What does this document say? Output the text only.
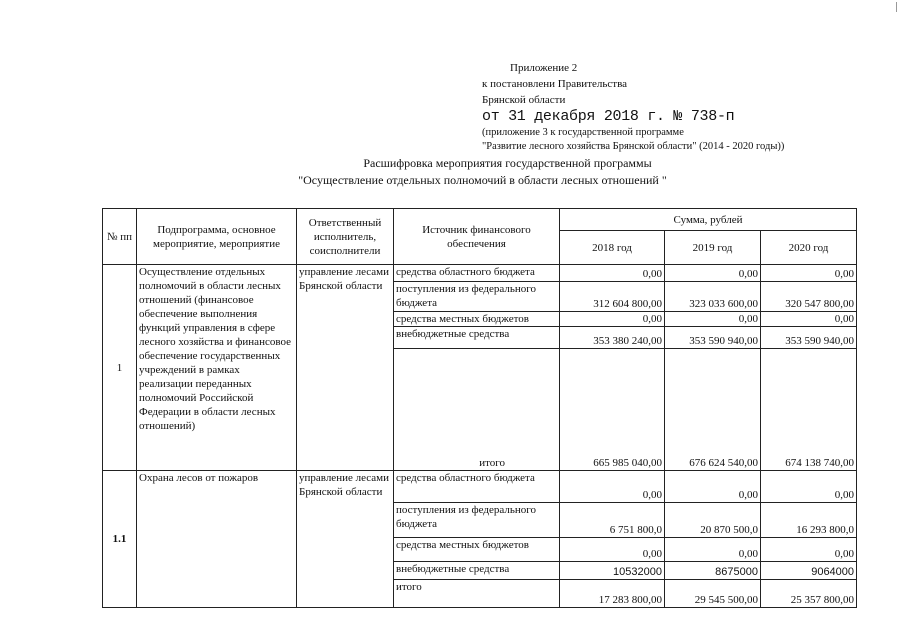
Приложение 2
к постановлени Правительства
Брянской области
от 31 декабря 2018 г. № 738-п
(приложение 3 к государственной программе
"Развитие лесного хозяйства Брянской области" (2014 - 2020 годы))
Расшифровка мероприятия государственной программы
"Осуществление отдельных полномочий в области лесных отношений "
№ пп	Подпрограмма, основное мероприятие, мероприятие	Ответственный исполнитель, соисполнители	Источник финансового обеспечения	Сумма, рублей		
				2018 год	2019 год	2020 год
1	Осуществление отдельных полномочий в области лесных отношений (финансовое обеспечение выполнения функций управления в сфере лесного хозяйства и финансовое обеспечение государственных учреждений в рамках реализации переданных полномочий Российской Федерации в области лесных отношений)	управление лесами Брянской области	средства областного бюджета	0,00	0,00	0,00
			поступления из федерального бюджета	312 604 800,00	323 033 600,00	320 547 800,00
			средства местных бюджетов	0,00	0,00	0,00
			внебюджетные средства	353 380 240,00	353 590 940,00	353 590 940,00
			итого	665 985 040,00	676 624 540,00	674 138 740,00
1.1	Охрана лесов от пожаров	управление лесами Брянской области	средства областного бюджета	0,00	0,00	0,00
			поступления из федерального бюджета	6 751 800,0	20 870 500,0	16 293 800,0
			средства местных бюджетов	0,00	0,00	0,00
			внебюджетные средства	10532000	8675000	9064000
			итого	17 283 800,00	29 545 500,00	25 357 800,00
